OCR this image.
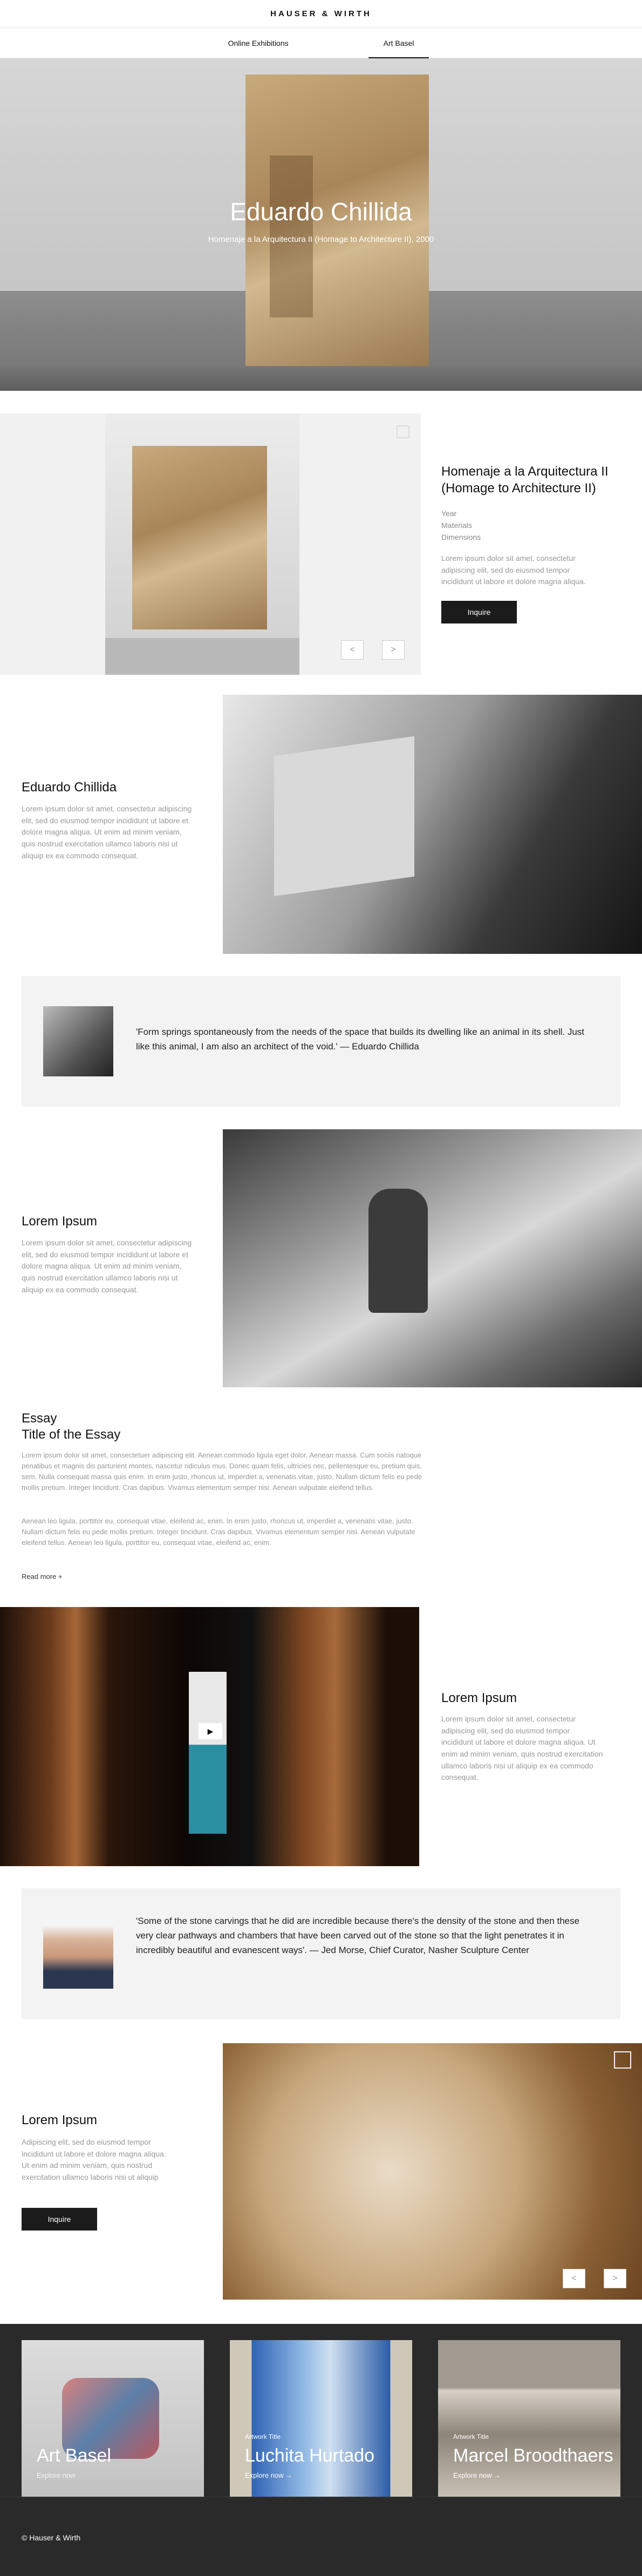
HAUSER & WIRTH
Online Exhibitions	Art Basel
Eduardo Chillida
Homenaje a la Arquitectura II (Homage to Architecture II), 2000
<	>
Homenaje a la Arquitectura II (Homage to Architecture II)
Year
Materials
Dimensions
Lorem ipsum dolor sit amet, consectetur adipiscing elit, sed do eiusmod tempor incididunt ut labore et dolore magna aliqua.
Inquire
Eduardo Chillida
Lorem ipsum dolor sit amet, consectetur adipiscing elit, sed do eiusmod tempor incididunt ut labore et dolore magna aliqua. Ut enim ad minim veniam, quis nostrud exercitation ullamco laboris nisi ut aliquip ex ea commodo consequat.
'Form springs spontaneously from the needs of the space that builds its dwelling like an animal in its shell. Just like this animal, I am also an architect of the void.' — Eduardo Chillida
Lorem Ipsum
Lorem ipsum dolor sit amet, consectetur adipiscing elit, sed do eiusmod tempor incididunt ut labore et dolore magna aliqua. Ut enim ad minim veniam, quis nostrud exercitation ullamco laboris nisi ut aliquip ex ea commodo consequat.
Essay
Title of the Essay
Lorem ipsum dolor sit amet, consectetuer adipiscing elit. Aenean commodo ligula eget dolor. Aenean massa. Cum sociis natoque penatibus et magnis dis parturient montes, nascetur ridiculus mus. Donec quam felis, ultricies nec, pellentesque eu, pretium quis, sem. Nulla consequat massa quis enim. In enim justo, rhoncus ut, imperdiet a, venenatis vitae, justo. Nullam dictum felis eu pede mollis pretium. Integer tincidunt. Cras dapibus. Vivamus elementum semper nisi. Aenean vulputate eleifend tellus.
Aenean leo ligula, porttitor eu, consequat vitae, eleifend ac, enim. In enim justo, rhoncus ut, imperdiet a, venenatis vitae, justo. Nullam dictum felis eu pede mollis pretium. Integer tincidunt. Cras dapibus. Vivamus elementum semper nisi. Aenean vulputate eleifend tellus. Aenean leo ligula, porttitor eu, consequat vitae, eleifend ac, enim.
Read more +
▶
Lorem Ipsum
Lorem ipsum dolor sit amet, consectetur adipiscing elit, sed do eiusmod tempor incididunt ut labore et dolore magna aliqua. Ut enim ad minim veniam, quis nostrud exercitation ullamco laboris nisi ut aliquip ex ea commodo consequat.
'Some of the stone carvings that he did are incredible because there's the density of the stone and then these very clear pathways and chambers that have been carved out of the stone so that the light penetrates it in incredibly beautiful and evanescent ways'. — Jed Morse, Chief Curator, Nasher Sculpture Center
Lorem Ipsum
Adipiscing elit, sed do eiusmod tempor incididunt ut labore et dolore magna aliqua. Ut enim ad minim veniam, quis nostrud exercitation ullamco laboris nisi ut aliquip
Inquire
<	>
Art Basel
Explore now
Artwork Title
Luchita Hurtado
Explore now →
Artwork Title
Marcel Broodthaers
Explore now →
© Hauser & Wirth
